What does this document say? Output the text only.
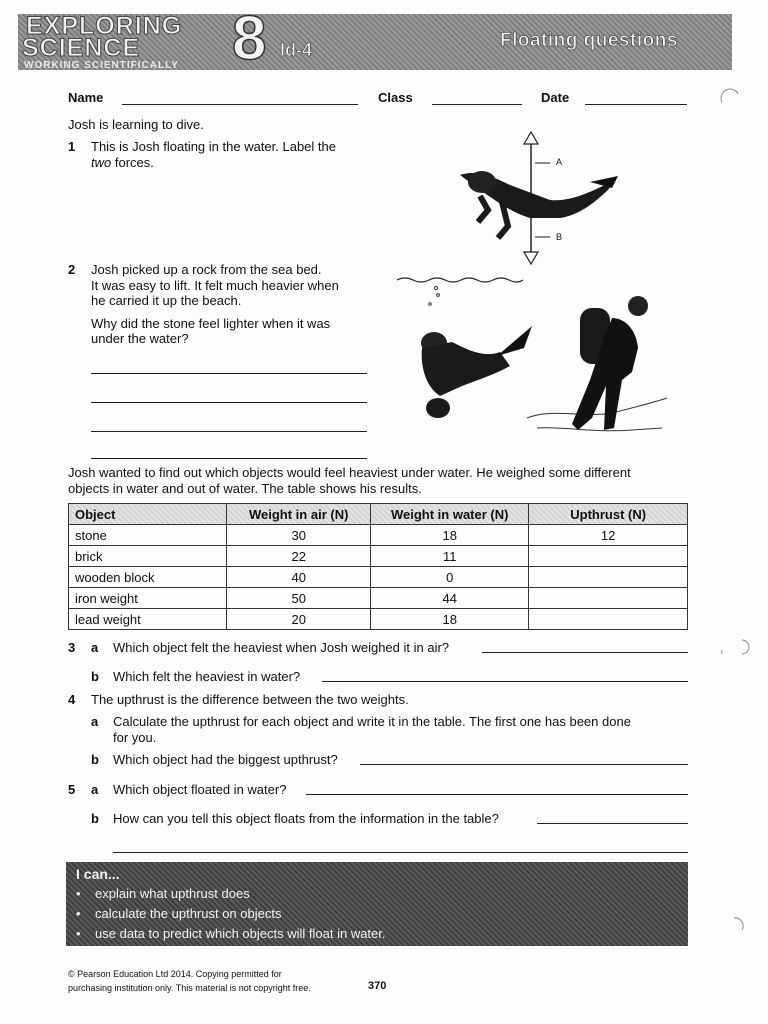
EXPLORING
SCIENCE
WORKING SCIENTIFICALLY 8 Id-4	Floating questions
Name	Class	Date
Josh is learning to dive.
1 This is Josh floating in the water. Label the
two forces.	A
B
2 Josh picked up a rock from the sea bed.
It was easy to lift. It felt much heavier when
he carried it up the beach.
Why did the stone feel lighter when it was
under the water?
Josh wanted to find out which objects would feel heaviest under water. He weighed some different
objects in water and out of water. The table shows his results.
Object	Weight in air (N)	Weight in water (N)	Upthrust (N)
stone	30	18	12
brick	22	11	
wooden block	40	0	
iron weight	50	44	
lead weight	20	18	
3 a Which object felt the heaviest when Josh weighed it in air?
b Which felt the heaviest in water?
4 The upthrust is the difference between the two weights.
a Calculate the upthrust for each object and write it in the table. The first one has been done
for you.
b Which object had the biggest upthrust?
5 a Which object floated in water?
b How can you tell this object floats from the information in the table?
I can...
• explain what upthrust does
• calculate the upthrust on objects
• use data to predict which objects will float in water.
© Pearson Education Ltd 2014. Copying permitted for
purchasing institution only. This material is not copyright free.	370
